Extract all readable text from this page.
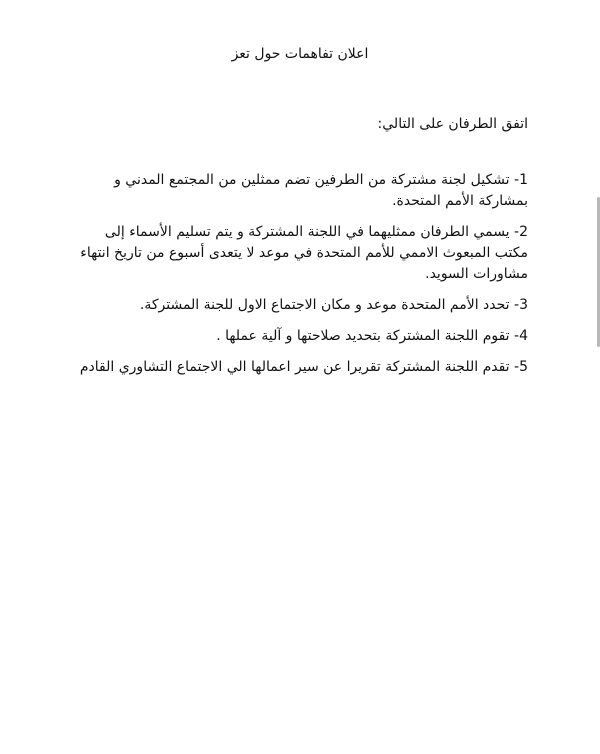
اعلان تفاهمات حول تعز
اتفق الطرفان على التالي:
1- تشكيل لجنة مشتركة من الطرفين تضم ممثلين من المجتمع المدني و بمشاركة الأمم المتحدة.
2- يسمي الطرفان ممثليهما في اللجنة المشتركة و يتم تسليم الأسماء إلى مكتب المبعوث الاممي للأمم المتحدة في موعد لا يتعدى أسبوع من تاريخ انتهاء مشاورات السويد.
3- تحدد الأمم المتحدة موعد و مكان الاجتماع الاول للجنة المشتركة.
4- تقوم اللجنة المشتركة بتحديد صلاحتها و آلية عملها .
5- تقدم اللجنة المشتركة تقريرا عن سير اعمالها الي الاجتماع التشاوري القادم
